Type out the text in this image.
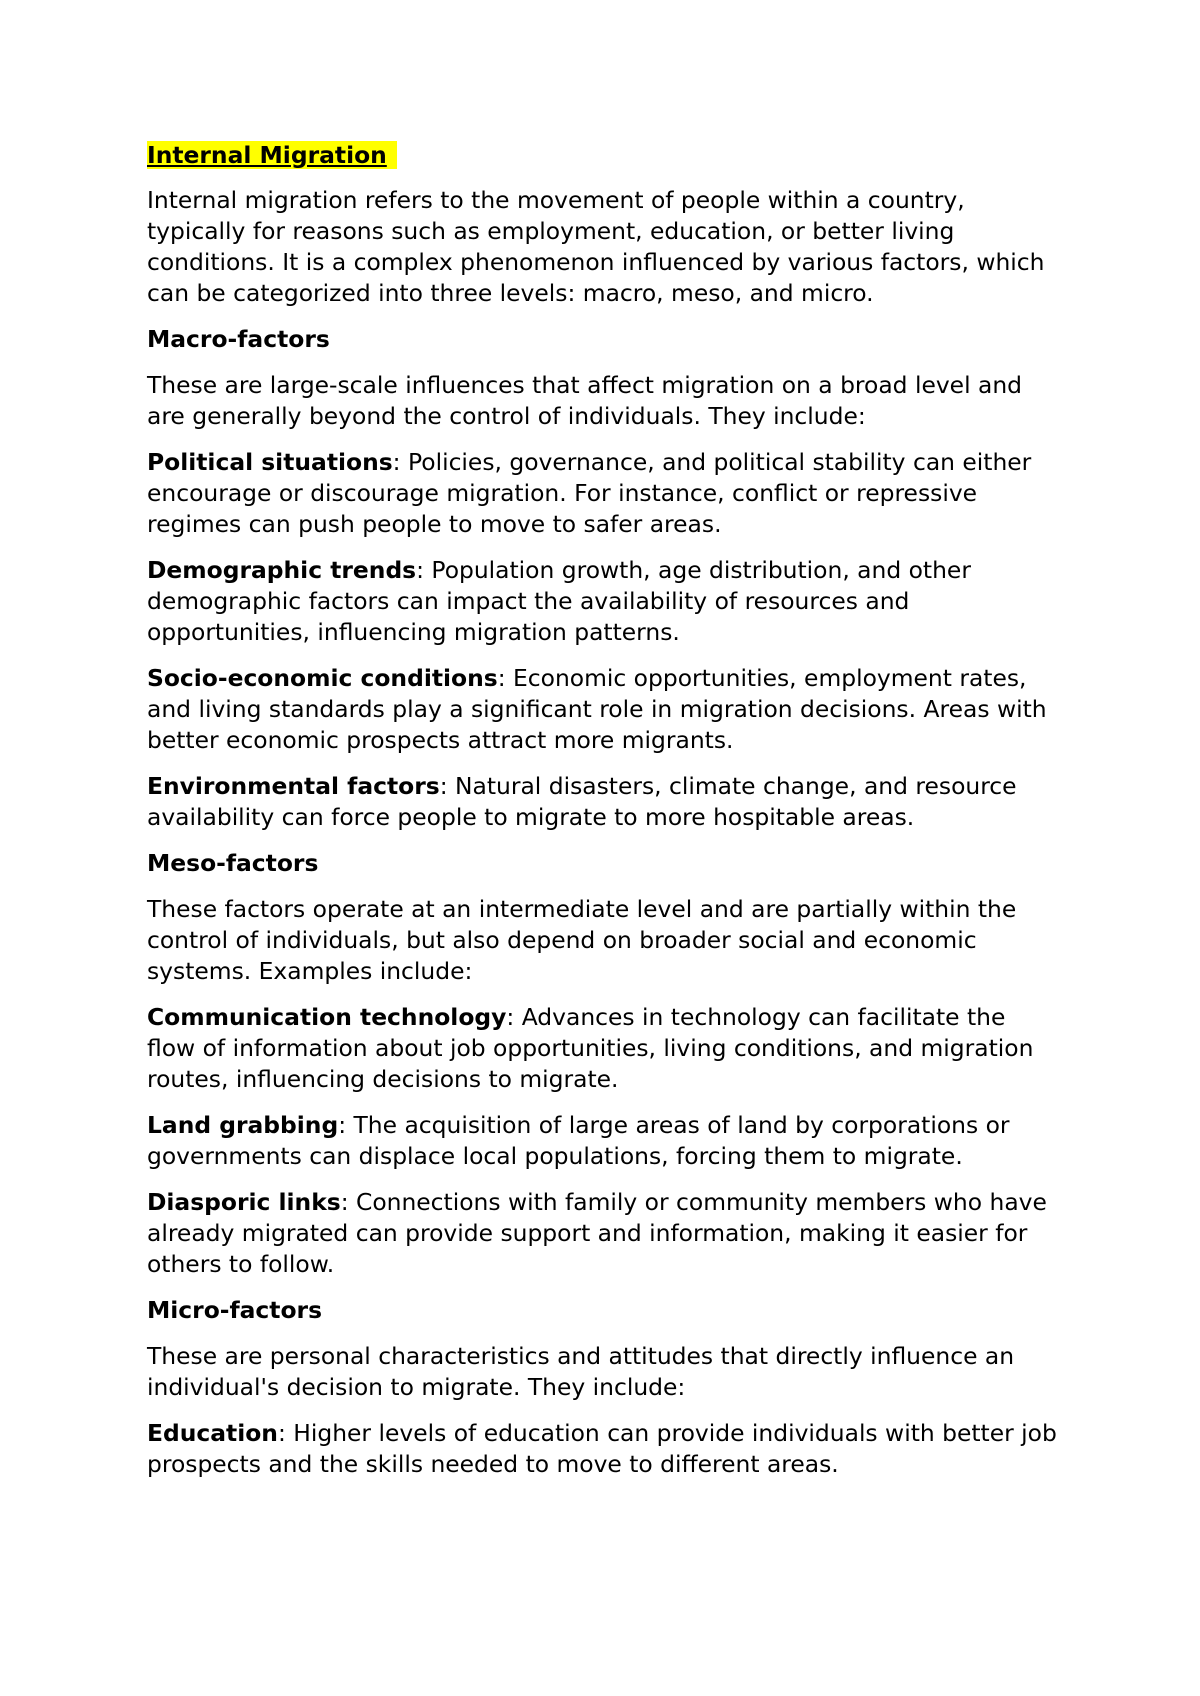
Internal Migration

Internal migration refers to the movement of people within a country, typically for reasons such as employment, education, or better living conditions. It is a complex phenomenon influenced by various factors, which can be categorized into three levels: macro, meso, and micro.

Macro-factors

These are large-scale influences that affect migration on a broad level and are generally beyond the control of individuals. They include:

Political situations: Policies, governance, and political stability can either encourage or discourage migration. For instance, conflict or repressive regimes can push people to move to safer areas.

Demographic trends: Population growth, age distribution, and other demographic factors can impact the availability of resources and opportunities, influencing migration patterns.

Socio-economic conditions: Economic opportunities, employment rates, and living standards play a significant role in migration decisions. Areas with better economic prospects attract more migrants.

Environmental factors: Natural disasters, climate change, and resource availability can force people to migrate to more hospitable areas.

Meso-factors

These factors operate at an intermediate level and are partially within the control of individuals, but also depend on broader social and economic systems. Examples include:

Communication technology: Advances in technology can facilitate the flow of information about job opportunities, living conditions, and migration routes, influencing decisions to migrate.

Land grabbing: The acquisition of large areas of land by corporations or governments can displace local populations, forcing them to migrate.

Diasporic links: Connections with family or community members who have already migrated can provide support and information, making it easier for others to follow.

Micro-factors

These are personal characteristics and attitudes that directly influence an individual's decision to migrate. They include:

Education: Higher levels of education can provide individuals with better job prospects and the skills needed to move to different areas.
